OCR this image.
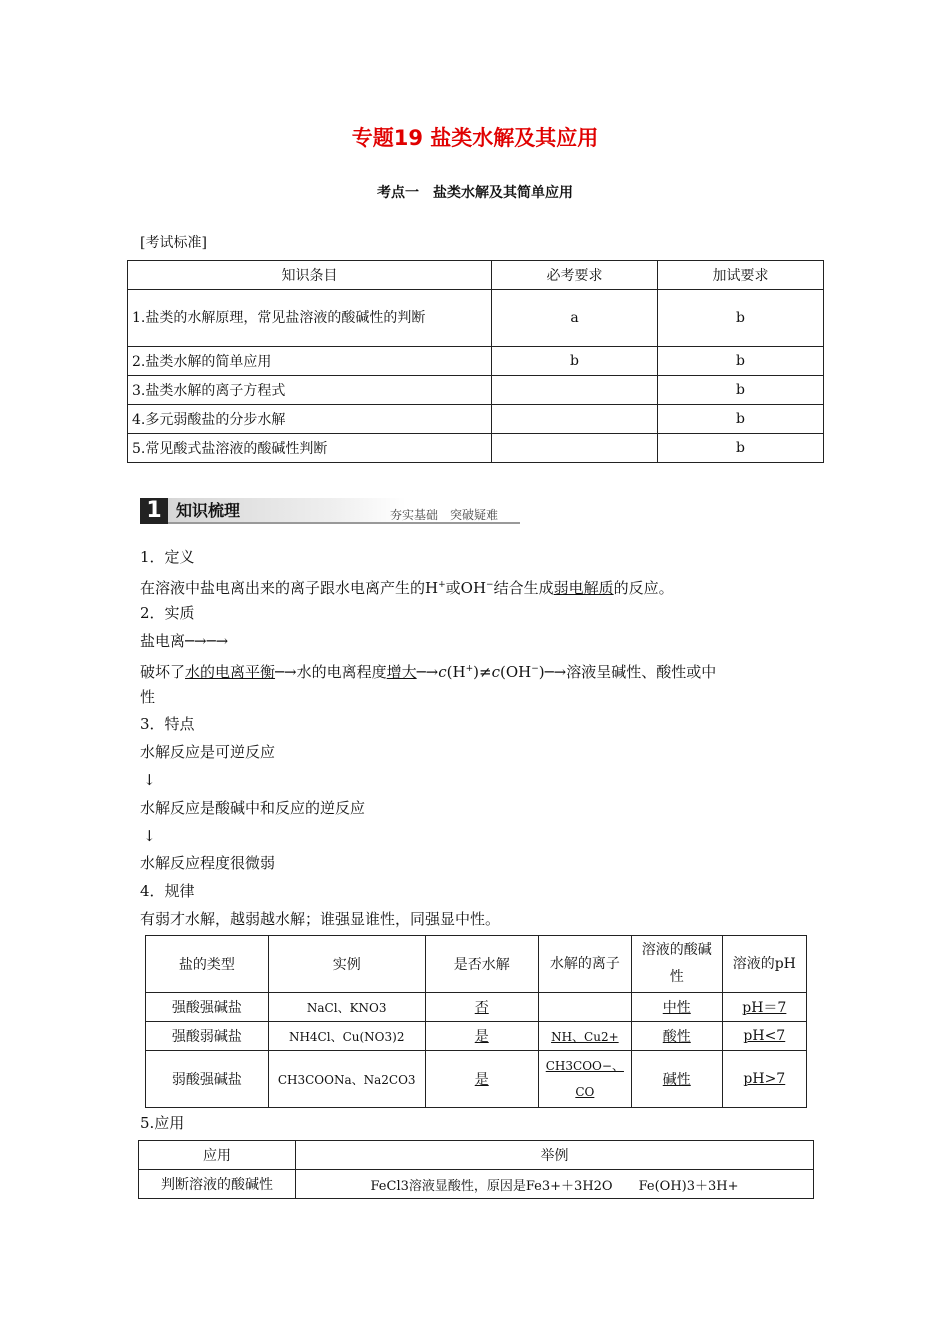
专题19 盐类水解及其应用
考点一　盐类水解及其简单应用
[考试标准]
知识条目	必考要求	加试要求
1.盐类的水解原理，常见盐溶液的酸碱性的判断	a	b
2.盐类水解的简单应用	b	b
3.盐类水解的离子方程式		b
4.多元弱酸盐的分步水解		b
5.常见酸式盐溶液的酸碱性判断		b
1 知识梳理	夯实基础　突破疑难
1．定义
在溶液中盐电离出来的离子跟水电离产生的H+或OH−结合生成弱电解质的反应。
2．实质
盐电离─→─→
破坏了水的电离平衡─→水的电离程度增大─→c(H+)≠c(OH−)─→溶液呈碱性、酸性或中
性
3．特点
水解反应是可逆反应
↓
水解反应是酸碱中和反应的逆反应
↓
水解反应程度很微弱
4．规律
有弱才水解，越弱越水解；谁强显谁性，同强显中性。
盐的类型	实例	是否水解	水解的离子	溶液的酸碱性	溶液的pH
强酸强碱盐	NaCl、KNO3	否		中性	pH＝7
强酸弱碱盐	NH4Cl、Cu(NO3)2	是	NH、Cu2+	酸性	pH<7
弱酸强碱盐	CH3COONa、Na2CO3	是	CH3COO−、CO	碱性	pH>7
5.应用
应用	举例
判断溶液的酸碱性	FeCl3溶液显酸性，原因是Fe3+＋3H2O　　Fe(OH)3＋3H+
